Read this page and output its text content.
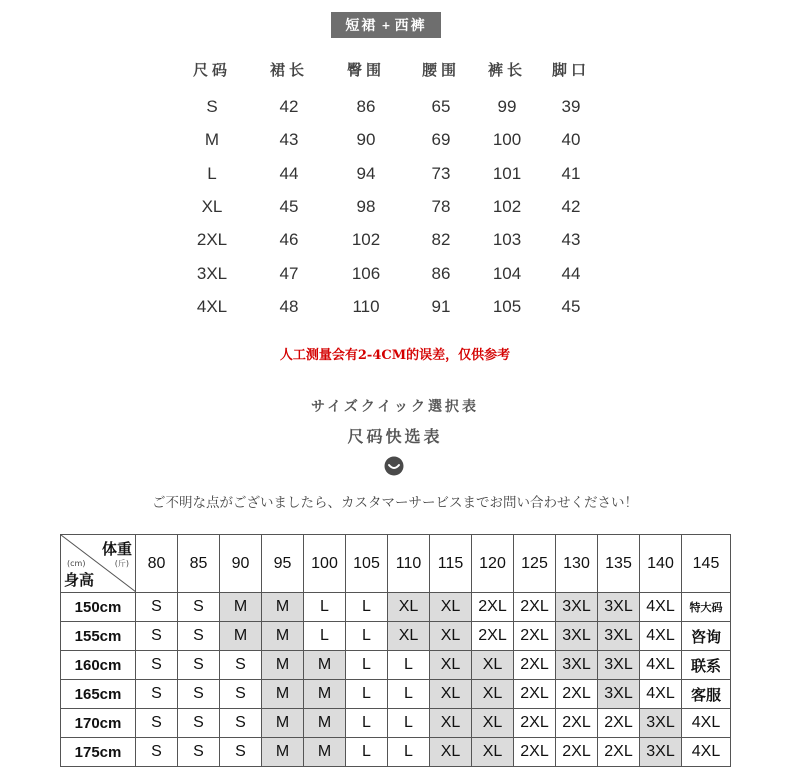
短裙 + 西裤
尺码	裙长	臀围	腰围	裤长	脚口
S	42	86	65	99	39
M	43	90	69	100	40
L	44	94	73	101	41
XL	45	98	78	102	42
2XL	46	102	82	103	43
3XL	47	106	86	104	44
4XL	48	110	91	105	45
人工测量会有2-4CM的误差，仅供参考
サイズクイック選択表
尺码快选表
ご不明な点がございましたら、カスタマーサービスまでお問い合わせください！
体重
(斤)
(cm)
身高	80	85	90	95	100	105	110	115	120	125	130	135	140	145
150cm	S	S	M	M	L	L	XL	XL	2XL	2XL	3XL	3XL	4XL	特大码
155cm	S	S	M	M	L	L	XL	XL	2XL	2XL	3XL	3XL	4XL	咨询
160cm	S	S	S	M	M	L	L	XL	XL	2XL	3XL	3XL	4XL	联系
165cm	S	S	S	M	M	L	L	XL	XL	2XL	2XL	3XL	4XL	客服
170cm	S	S	S	M	M	L	L	XL	XL	2XL	2XL	2XL	3XL	4XL
175cm	S	S	S	M	M	L	L	XL	XL	2XL	2XL	2XL	3XL	4XL
